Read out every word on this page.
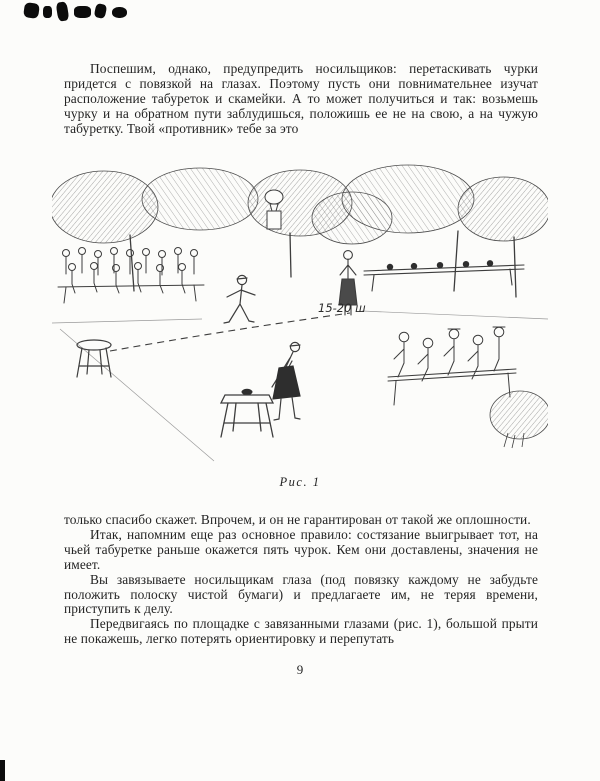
Поспешим, однако, предупредить носильщиков: перетаскивать чурки придется с повязкой на глазах. Поэтому пусть они повнимательнее изучат расположение табуреток и скамейки. А то может получиться и так: возьмешь чурку и на обратном пути заблудишься, положишь ее не на свою, а на чужую табуретку. Твой «противник» тебе за это

15-20 ш
Рис. 1

только спасибо скажет. Впрочем, и он не гарантирован от такой же оплошности.

Итак, напомним еще раз основное правило: состязание выигрывает тот, на чьей табуретке раньше окажется пять чурок. Кем они доставлены, значения не имеет.

Вы завязываете носильщикам глаза (под повязку каждому не забудьте положить полоску чистой бумаги) и предлагаете им, не теряя времени, приступить к делу.

Передвигаясь по площадке с завязанными глазами (рис. 1), большой прыти не покажешь, легко потерять ориентировку и перепутать

9
